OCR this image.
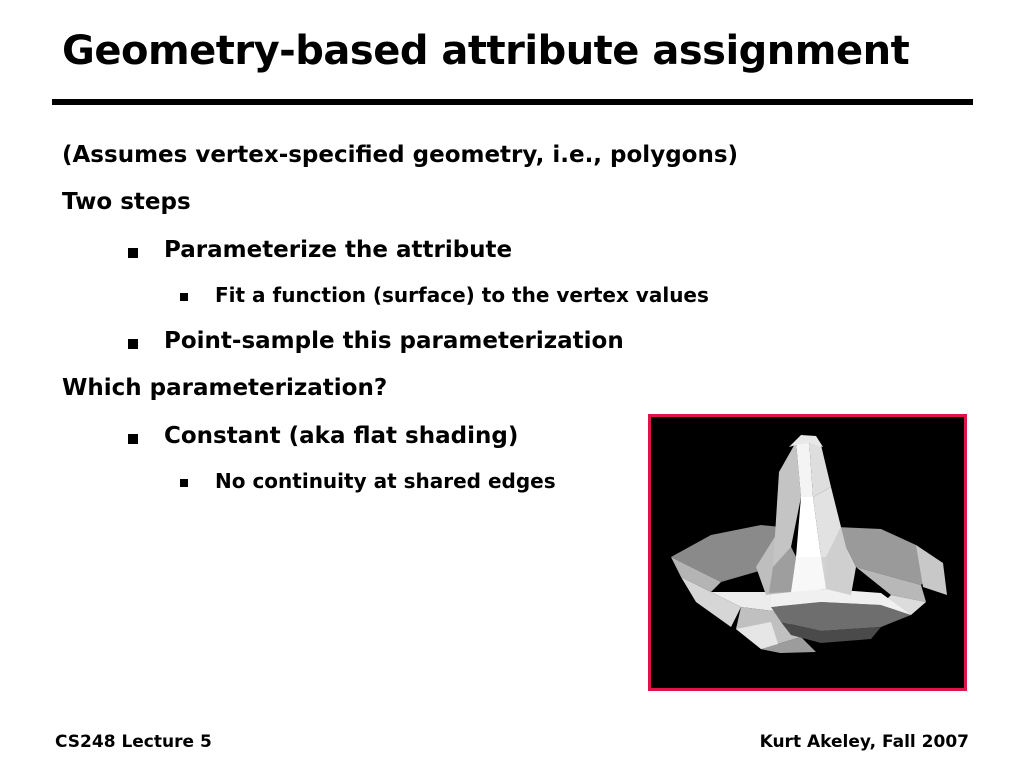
Geometry-based attribute assignment
(Assumes vertex-specified geometry, i.e., polygons)
Two steps
Parameterize the attribute
Fit a function (surface) to the vertex values
Point-sample this parameterization
Which parameterization?
Constant (aka flat shading)
No continuity at shared edges
CS248 Lecture 5	Kurt Akeley, Fall 2007
